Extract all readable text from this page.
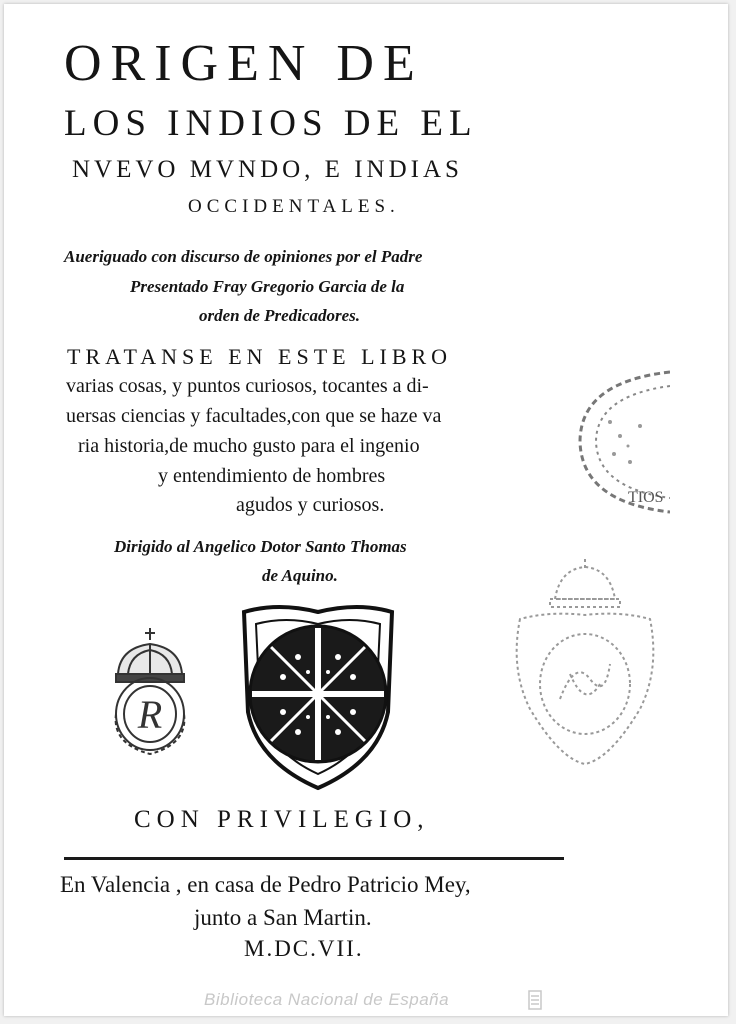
ORIGEN DE
LOS INDIOS DE EL
NVEVO MVNDO, E INDIAS
OCCIDENTALES.
Aueriguado con discurso de opiniones por el Padre
Presentado Fray Gregorio Garcia de la
orden de Predicadores.
TRATANSE EN ESTE LIBRO
varias cosas, y puntos curiosos, tocantes a di-
uersas ciencias y facultades,con que se haze va
ria historia,de mucho gusto para el ingenio
y entendimiento de hombres
agudos y curiosos.
Dirigido al Angelico Dotor Santo Thomas
de Aquino.
R
TIOS
CON PRIVILEGIO,
En Valencia , en casa de Pedro Patricio Mey,
junto a San Martin.
M.DC.VII.
Biblioteca Nacional de España
